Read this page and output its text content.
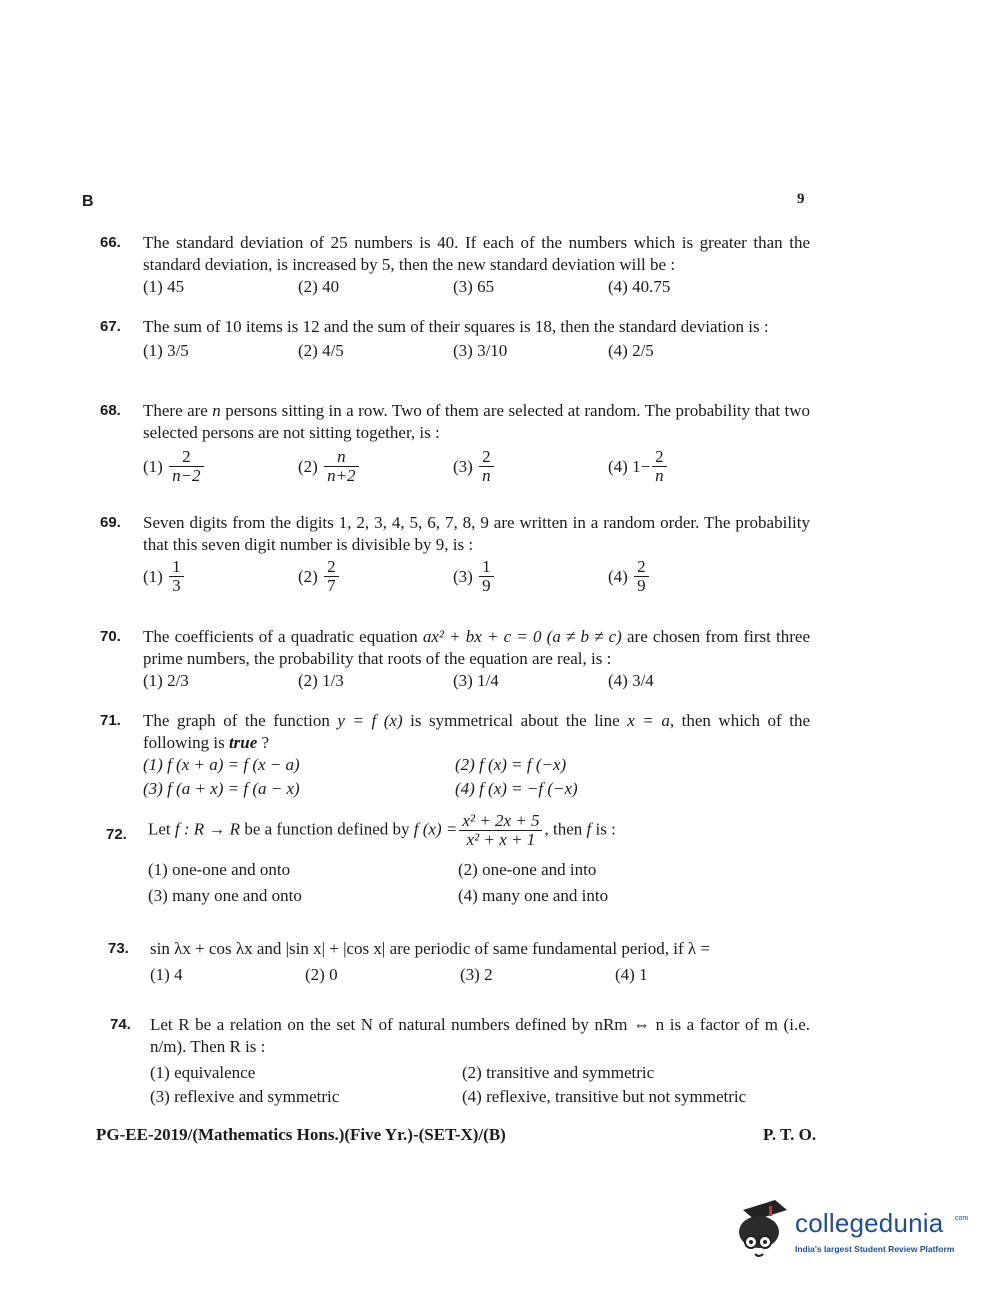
B	9
66. The standard deviation of 25 numbers is 40. If each of the numbers which is greater than the standard deviation, is increased by 5, then the new standard deviation will be :
(1) 45	(2) 40	(3) 65	(4) 40.75
67. The sum of 10 items is 12 and the sum of their squares is 18, then the standard deviation is :
(1) 3/5	(2) 4/5	(3) 3/10	(4) 2/5
68. There are n persons sitting in a row. Two of them are selected at random. The probability that two selected persons are not sitting together, is :
$(1) \frac{2}{n-2}$	$(2) \frac{n}{n+2}$	$(3) \frac{2}{n}$	(4) $1- \frac{2}{n}$
69. Seven digits from the digits 1, 2, 3, 4, 5, 6, 7, 8, 9 are written in a random order. The probability that this seven digit number is divisible by 9, is :
$(1) \frac{1}{3}$	$(2) \frac{2}{7}$	$(3) \frac{1}{9}$	$(4) \frac{2}{9}$
70. The coefficients of a quadratic equation ax² + bx + c = 0 (a ≠ b ≠ c) are chosen from first three prime numbers, the probability that roots of the equation are real, is :
(1) 2/3	(2) 1/3	(3) 1/4	(4) 3/4
71. The graph of the function y = f (x) is symmetrical about the line x = a, then which of the following is true ?
(1) f (x + a) = f (x − a)	(2) f (x) = f (−x)
(3) f (a + x) = f (a − x)	(4) f (x) = −f (−x)
72. Let f : R → R be a function defined by f $(x) = \frac{\text{x² + 2x + 5}}{\text{x² + x + 1}}$ , then f is :
(1) one-one and onto	(2) one-one and into
(3) many one and onto	(4) many one and into
73. sin λx + cos λx and |sin x| + |cos x| are periodic of same fundamental period, if λ =
(1) 4	(2) 0	(3) 2	(4) 1
74. Let R be a relation on the set N of natural numbers defined by nRm ⇔ n is a factor of m (i.e. n/m). Then R is :
(1) equivalence	(2) transitive and symmetric
(3) reflexive and symmetric	(4) reflexive, transitive but not symmetric
PG-EE-2019/(Mathematics Hons.)(Five Yr.)-(SET-X)/(B)	P. T. O.
collegedunia .com
India's largest Student Review Platform
